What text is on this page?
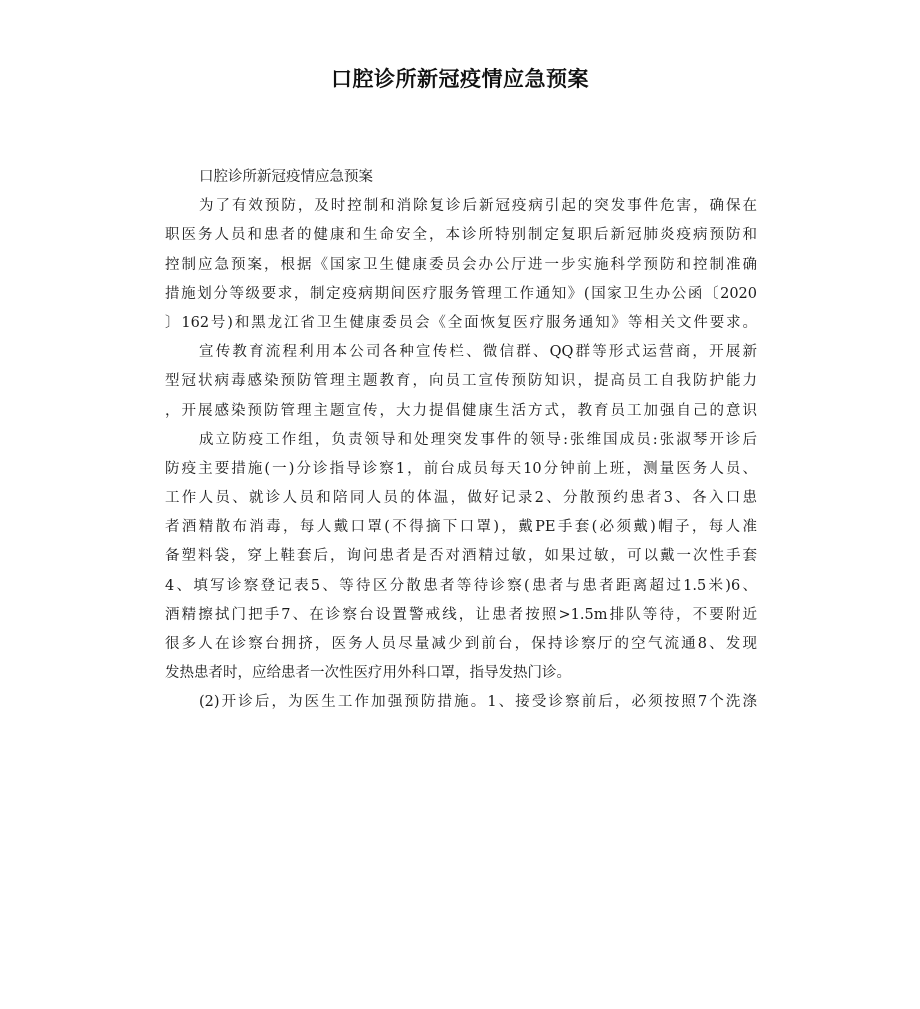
口腔诊所新冠疫情应急预案
口腔诊所新冠疫情应急预案
为了有效预防，及时控制和消除复诊后新冠疫病引起的突发事件危害，确保在
职医务人员和患者的健康和生命安全，本诊所特别制定复职后新冠肺炎疫病预防和
控制应急预案，根据《国家卫生健康委员会办公厅进一步实施科学预防和控制准确
措施划分等级要求，制定疫病期间医疗服务管理工作通知》(国家卫生办公函〔2020
〕162号)和黑龙江省卫生健康委员会《全面恢复医疗服务通知》等相关文件要求。
宣传教育流程利用本公司各种宣传栏、微信群、QQ群等形式运营商，开展新
型冠状病毒感染预防管理主题教育，向员工宣传预防知识，提高员工自我防护能力
，开展感染预防管理主题宣传，大力提倡健康生活方式，教育员工加强自己的意识
成立防疫工作组，负责领导和处理突发事件的领导:张维国成员:张淑琴开诊后
防疫主要措施(一)分诊指导诊察1，前台成员每天10分钟前上班，测量医务人员、
工作人员、就诊人员和陪同人员的体温，做好记录2、分散预约患者3、各入口患
者酒精散布消毒，每人戴口罩(不得摘下口罩)，戴PE手套(必须戴)帽子，每人准
备塑料袋，穿上鞋套后，询问患者是否对酒精过敏，如果过敏，可以戴一次性手套
4、填写诊察登记表5、等待区分散患者等待诊察(患者与患者距离超过1.5米)6、
酒精擦拭门把手7、在诊察台设置警戒线，让患者按照>1.5m排队等待，不要附近
很多人在诊察台拥挤，医务人员尽量减少到前台，保持诊察厅的空气流通8、发现
发热患者时，应给患者一次性医疗用外科口罩，指导发热门诊。
(2)开诊后，为医生工作加强预防措施。1、接受诊察前后，必须按照7个洗涤
